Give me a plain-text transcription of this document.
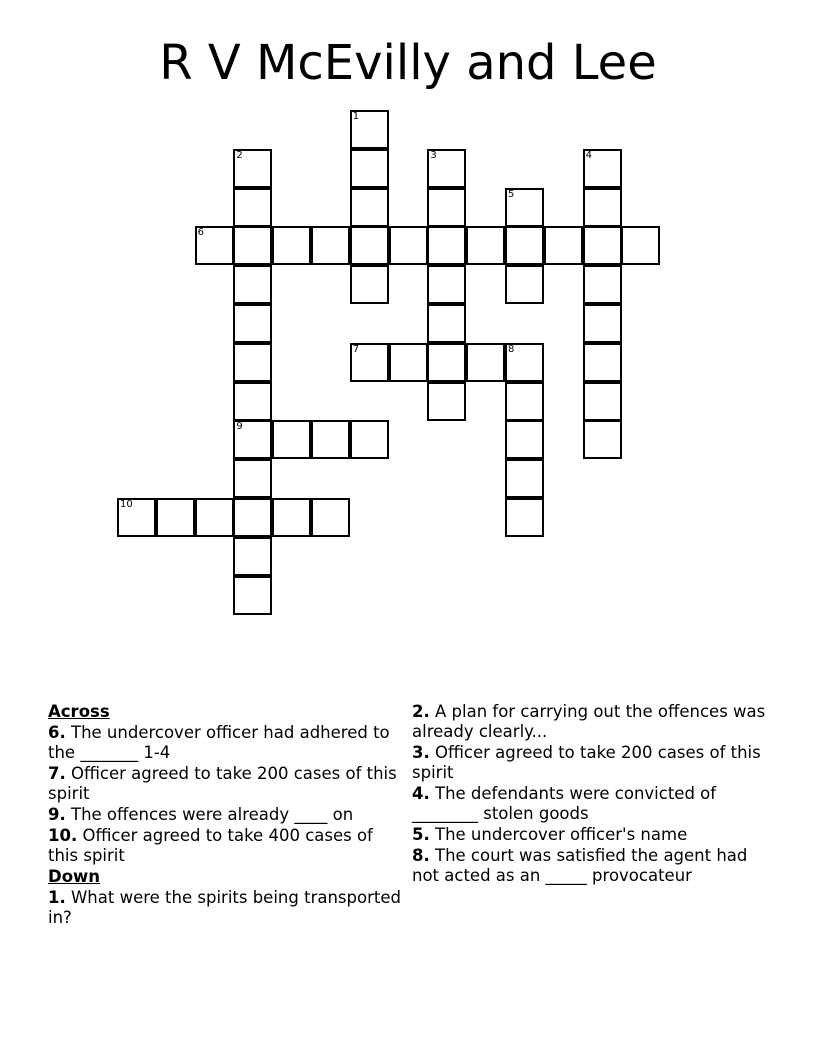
R V McEvilly and Lee
1
2
9
3	4
5
6
7	8
10
Across
6. The undercover officer had adhered to the _______ 1-4
7. Officer agreed to take 200 cases of this spirit
9. The offences were already ____ on
10. Officer agreed to take 400 cases of this spirit
Down
1. What were the spirits being transported in?
2. A plan for carrying out the offences was already clearly...
3. Officer agreed to take 200 cases of this spirit
4. The defendants were convicted of ________ stolen goods
5. The undercover officer's name
8. The court was satisfied the agent had not acted as an _____ provocateur
